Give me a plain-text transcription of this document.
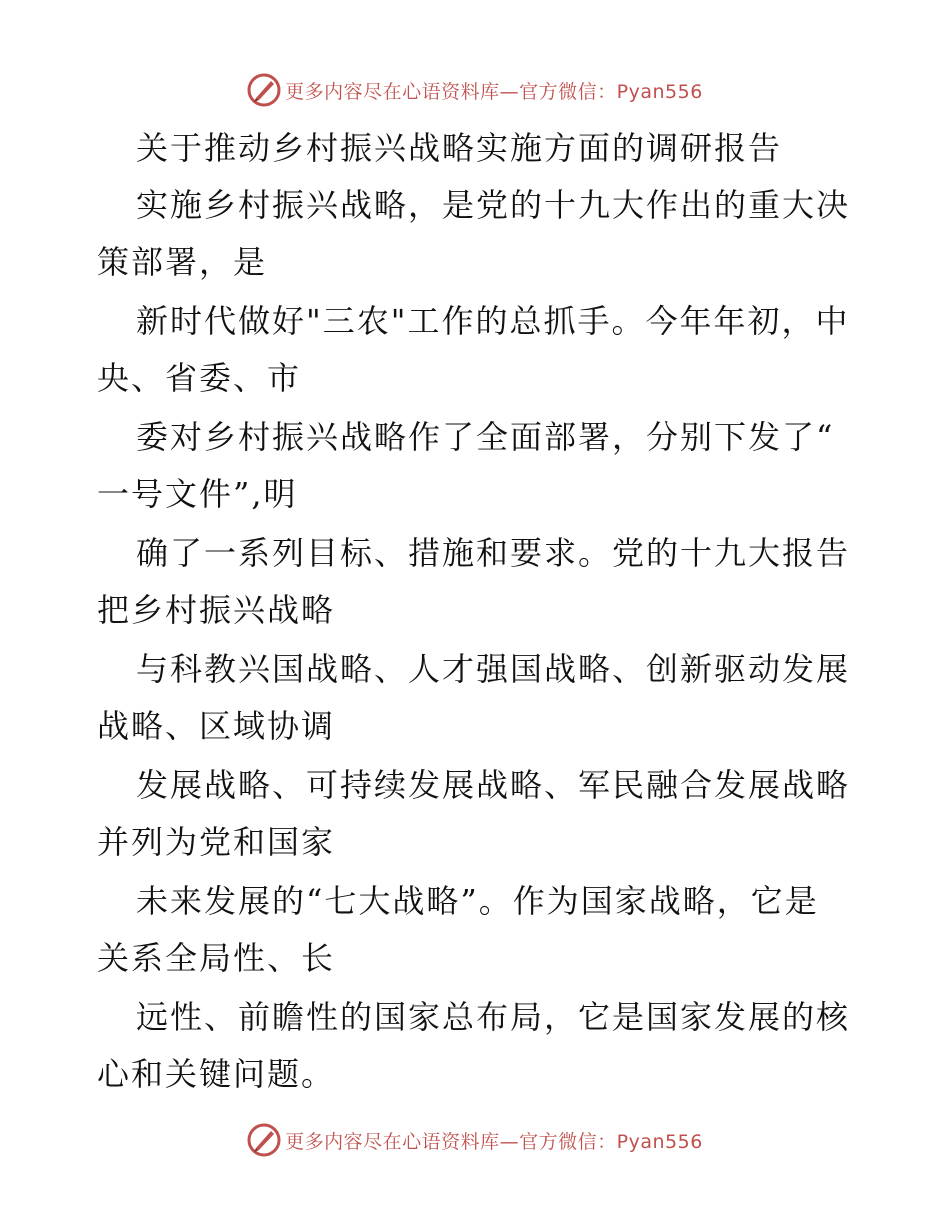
更多内容尽在心语资料库—官方微信：Pyan556
关于推动乡村振兴战略实施方面的调研报告
实施乡村振兴战略，是党的十九大作出的重大决
策部署，是
新时代做好"三农"工作的总抓手。今年年初，中
央、省委、市
委对乡村振兴战略作了全面部署，分别下发了“
一号文件”,明
确了一系列目标、措施和要求。党的十九大报告
把乡村振兴战略
与科教兴国战略、人才强国战略、创新驱动发展
战略、区域协调
发展战略、可持续发展战略、军民融合发展战略
并列为党和国家
未来发展的“七大战略”。作为国家战略，它是
关系全局性、长
远性、前瞻性的国家总布局，它是国家发展的核
心和关键问题。
更多内容尽在心语资料库—官方微信：Pyan556
